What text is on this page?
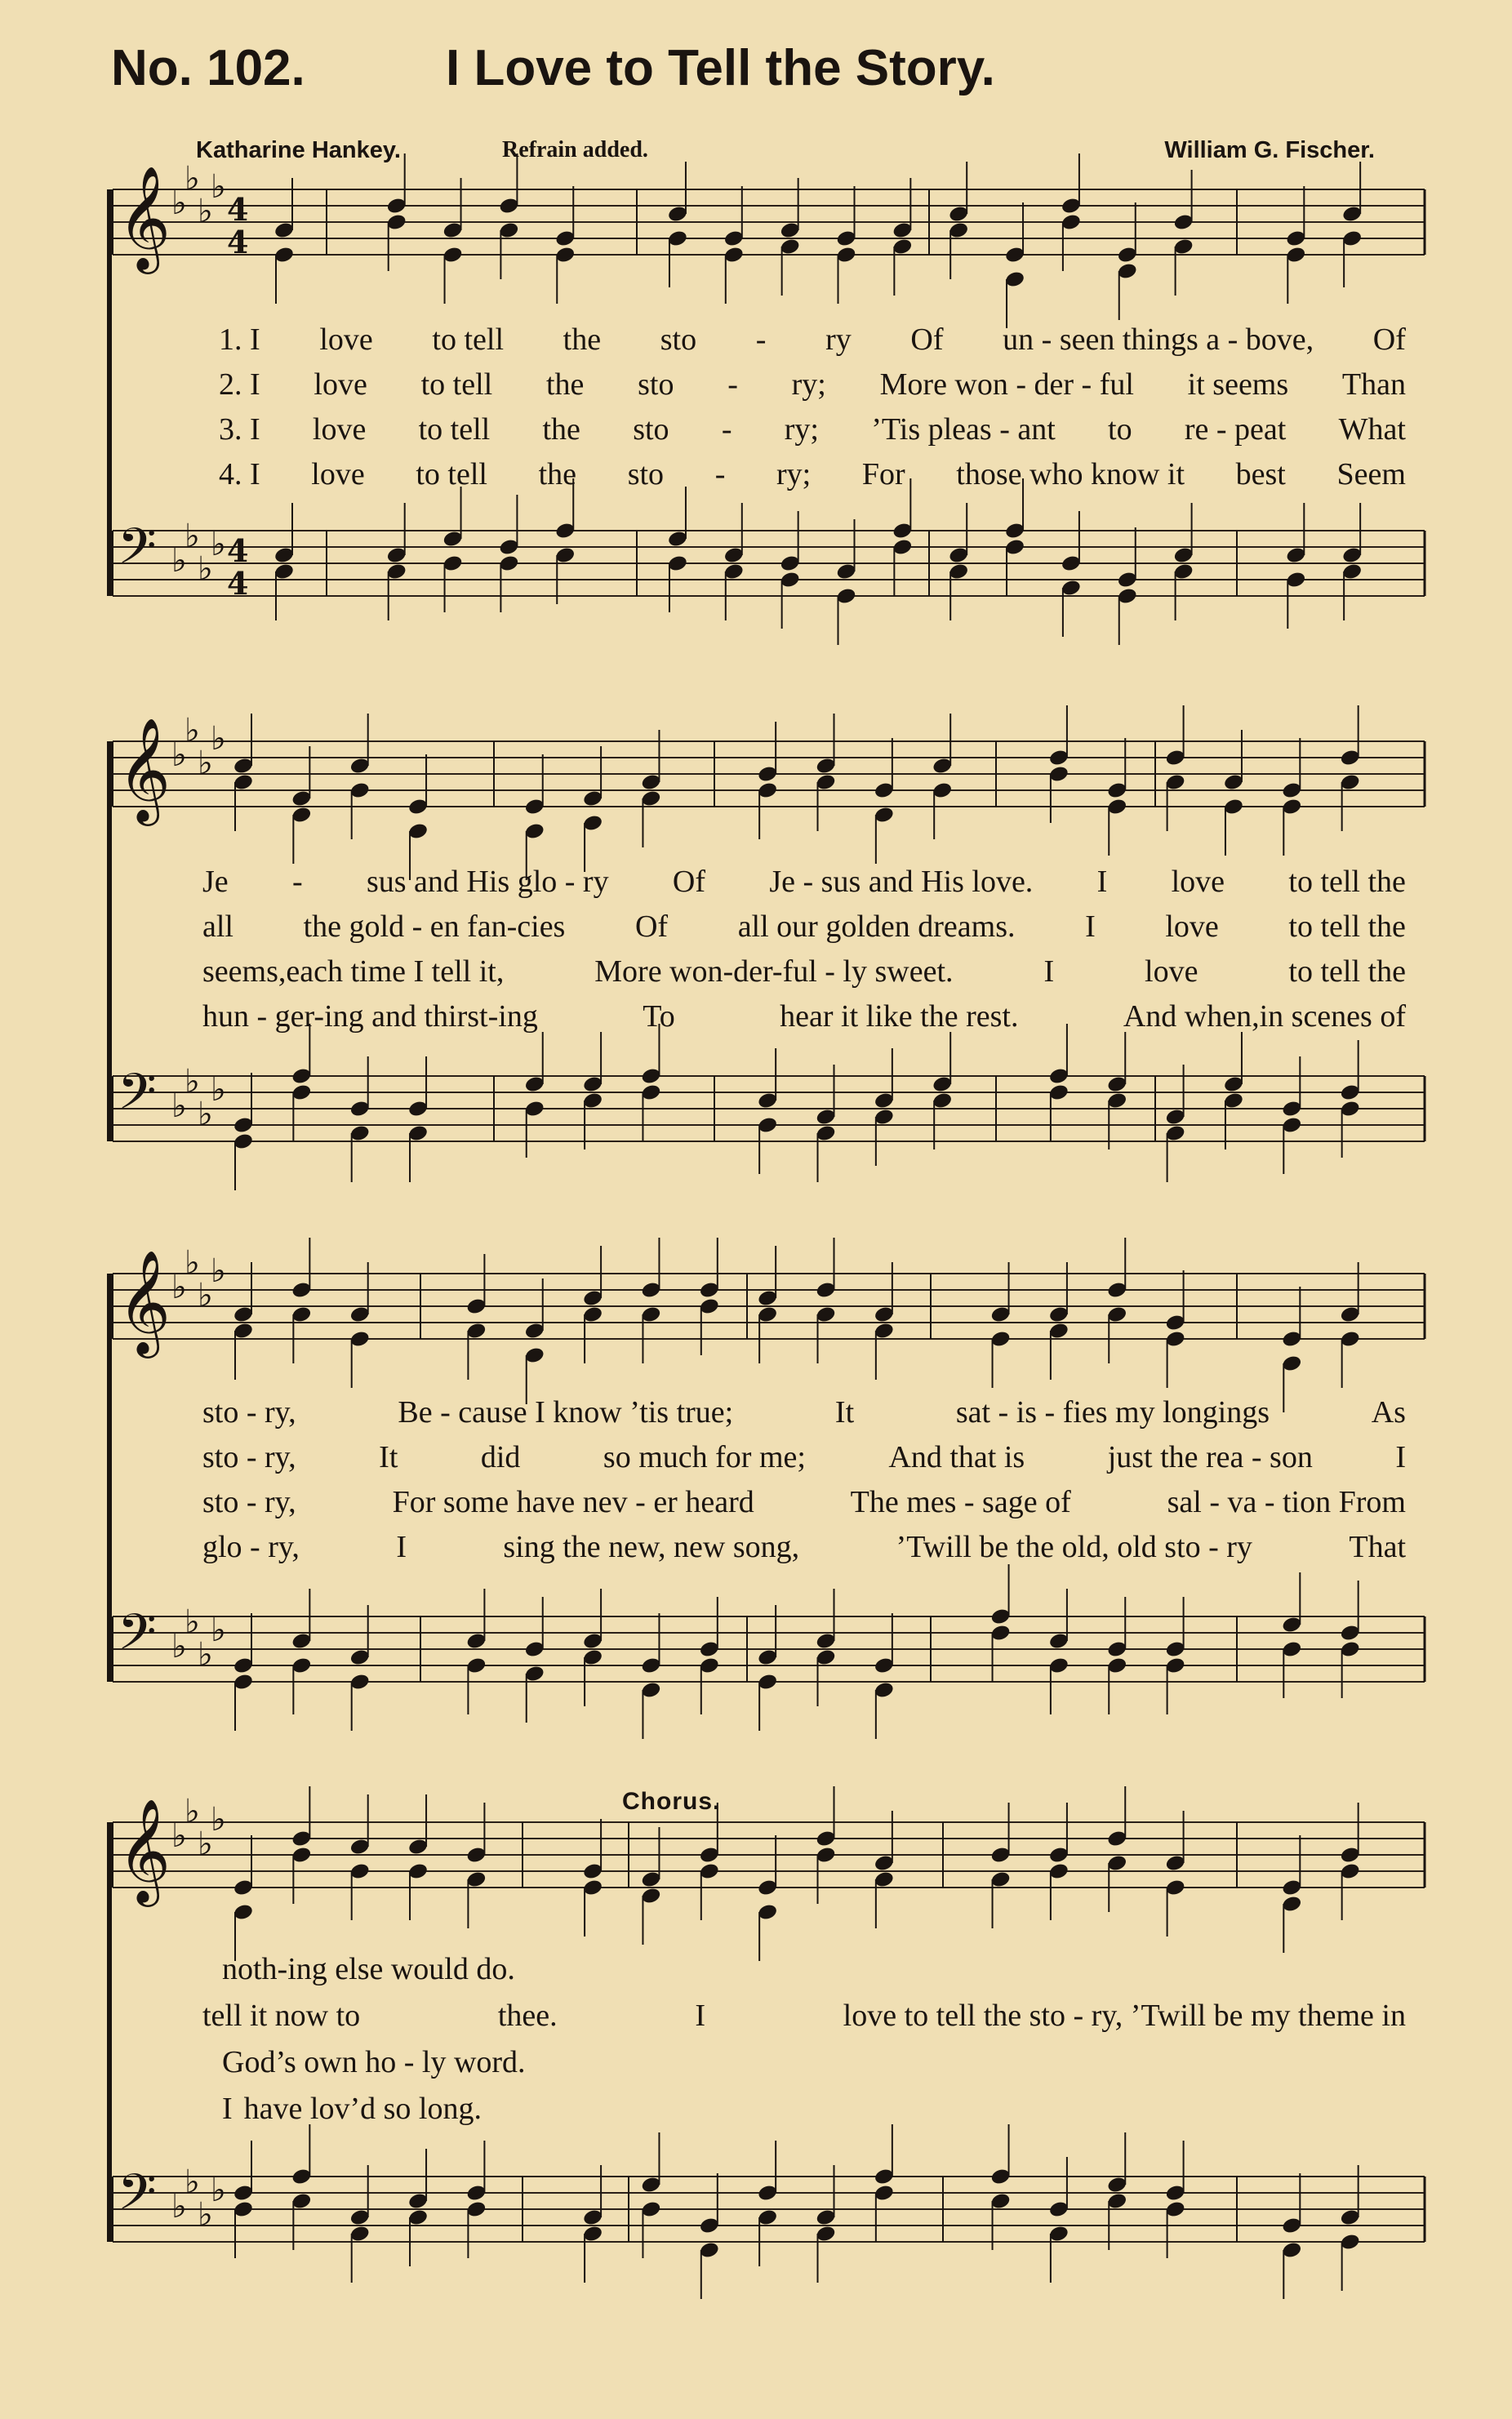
No. 102.	I Love to Tell the Story.
Katharine Hankey.	Refrain added.	William G. Fischer.
𝄞 ♭
♭
♭
♭
4
4
𝄢 ♭
♭
♭
♭ 4
4
𝄞 ♭
♭
♭
♭
𝄢 ♭
♭
♭
♭
𝄞 ♭
♭
♭
♭
𝄢 ♭
♭
♭
♭
𝄞 ♭
♭
♭
♭
𝄢 ♭
♭
♭
♭
1. I love to tell the sto - ry Of un - seen things a - bove, Of
2. I love to tell the sto - ry; More won - der - ful it seems Than
3. I love to tell the sto - ry; ’Tis pleas - ant to re - peat What
4. I love to tell the sto - ry; For those who know it best Seem
Je - sus and His glo - ry Of Je - sus and His love. I love to tell the
all the gold - en fan-cies Of all our golden dreams. I love to tell the
seems,each time I tell it,	More won-der-ful - ly sweet.	I	love	to tell the
hun - ger-ing and thirst-ing	To	hear it like the rest.	And when,in scenes of
sto - ry,	Be - cause I know ’tis true;	It	sat - is - fies my longings	As
sto - ry,	It	did	so much for me;	And that is	just the rea - son	I
sto - ry,	For some have nev - er heard	The mes - sage of	sal - va - tion From
glo - ry,	I	sing the new, new song,	’Twill be the old, old sto - ry	That
noth-ing else would do.
tell it now to	thee.	I	love to tell the sto - ry, ’Twill be my theme in
God’s own ho - ly word.
I have lov’d so long.
Chorus.
